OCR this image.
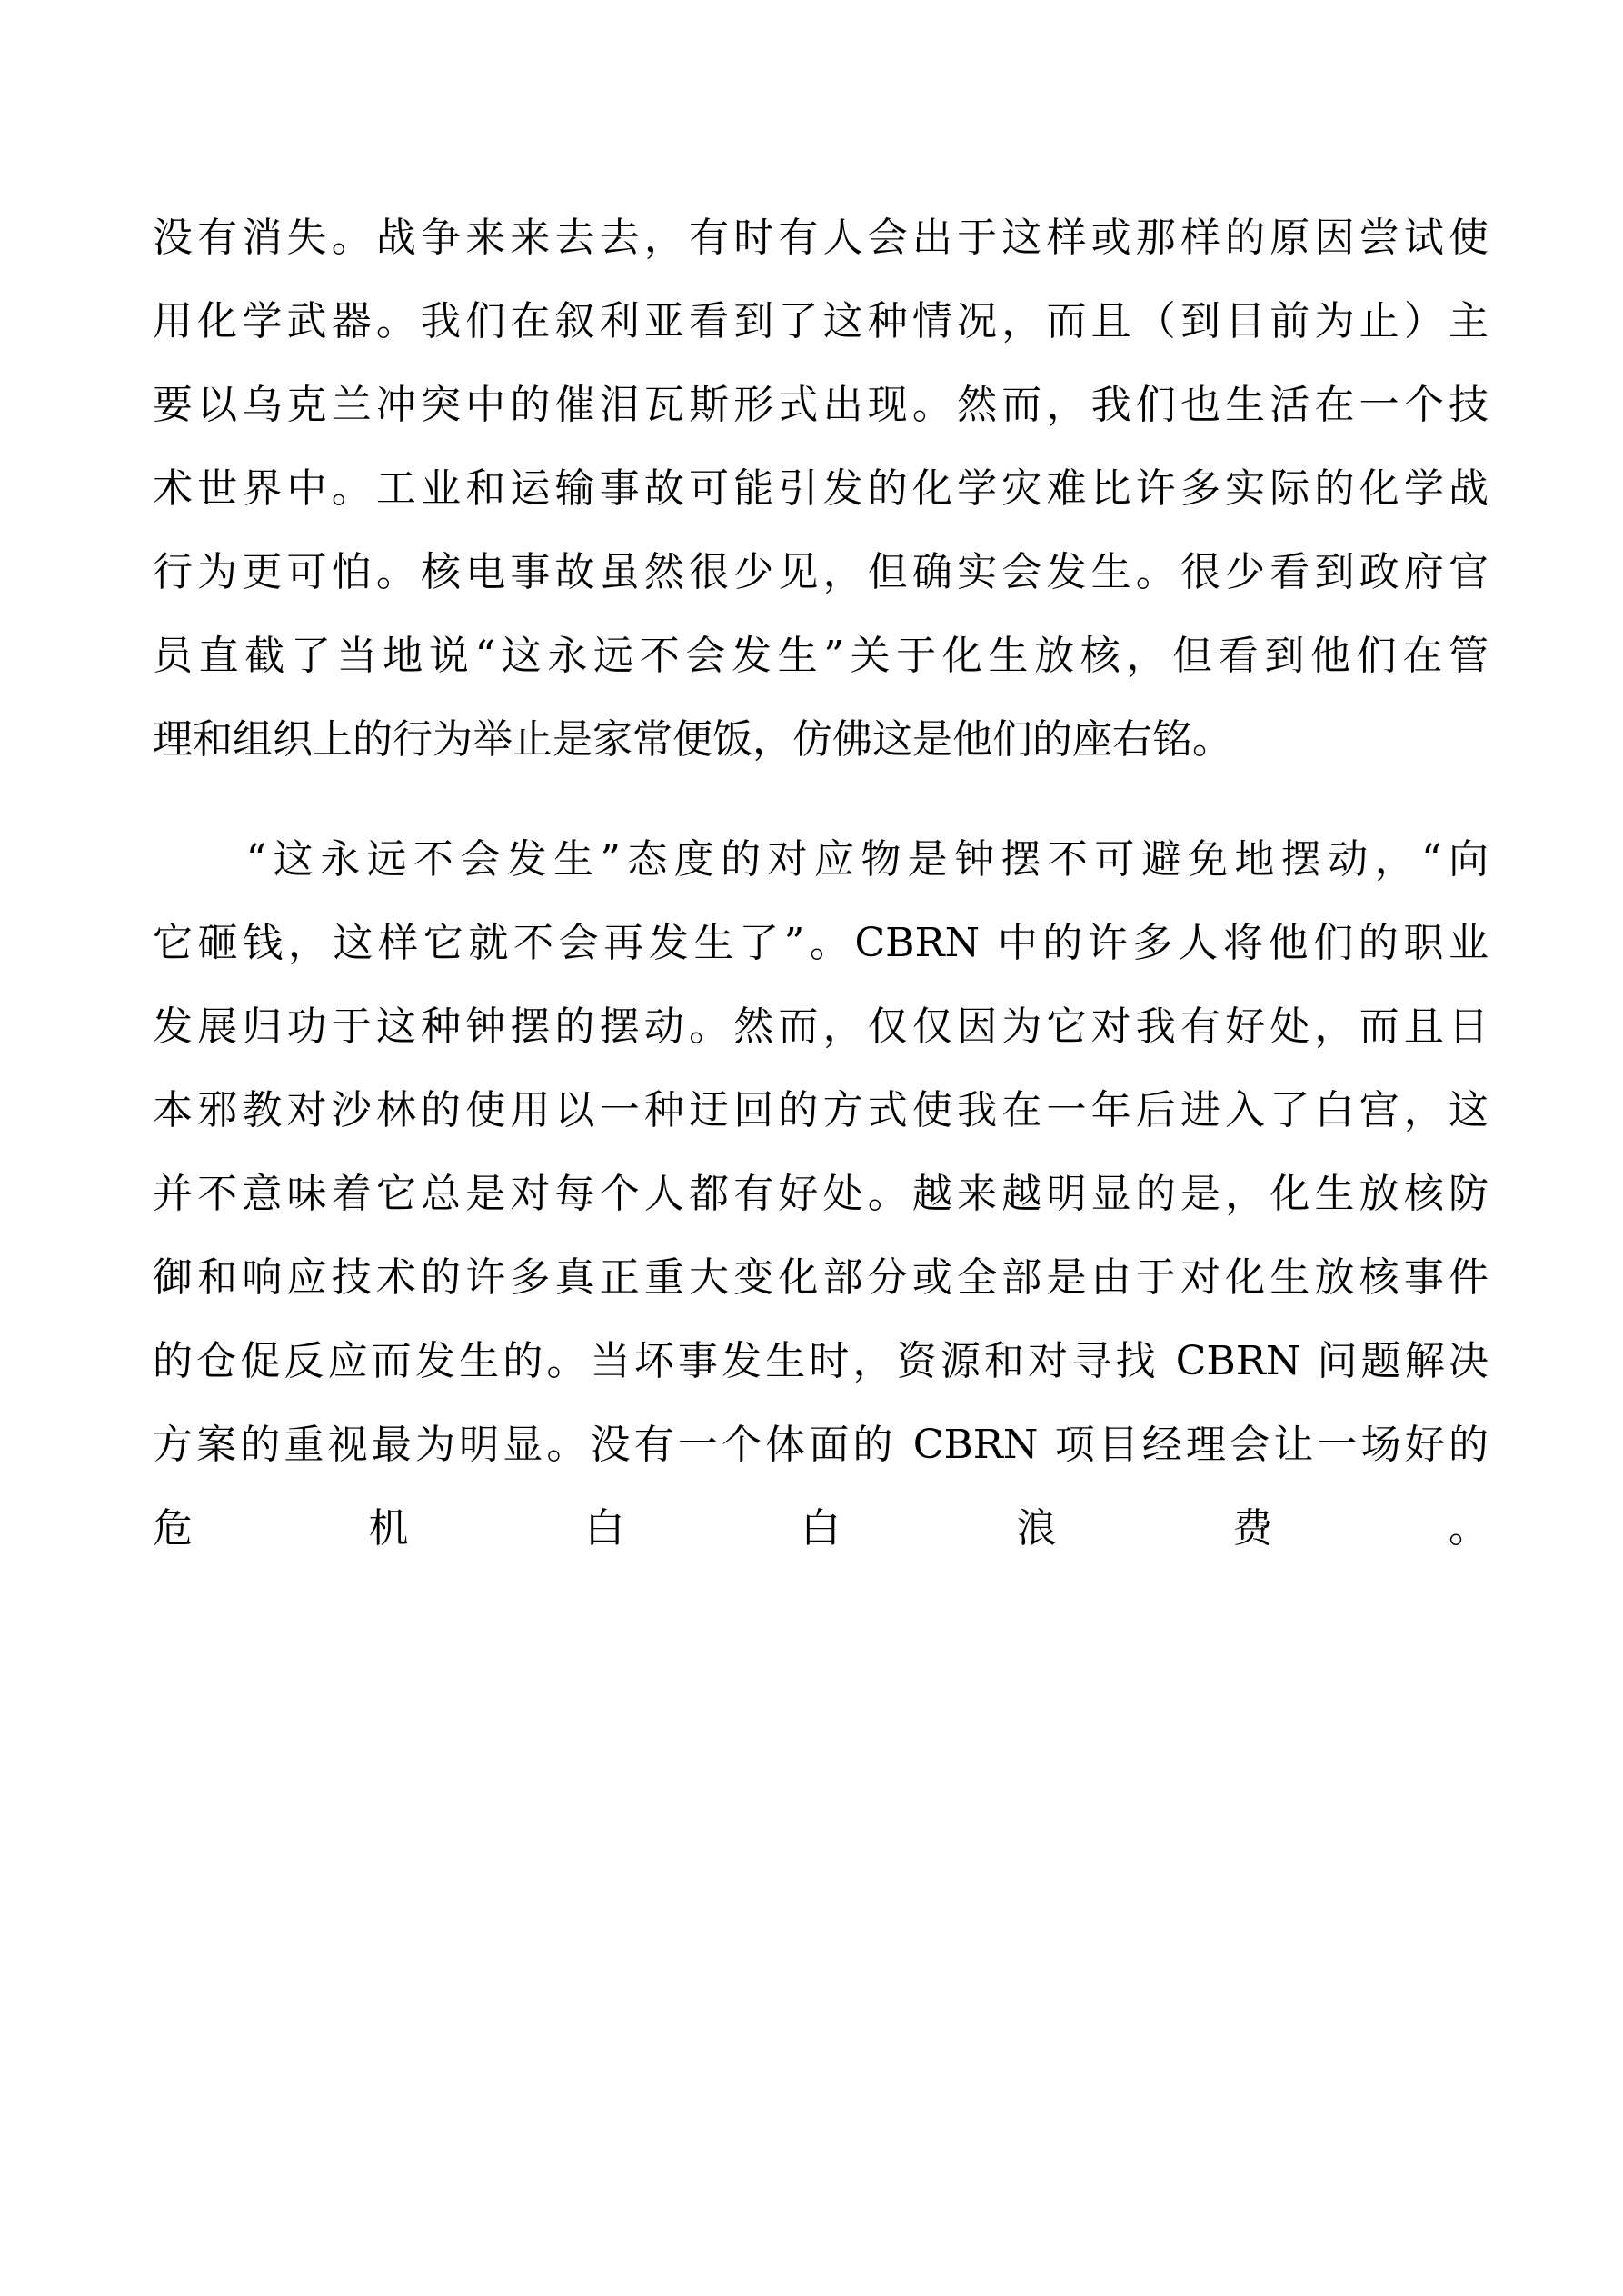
没有消失。战争来来去去，有时有人会出于这样或那样的原因尝试使
用化学武器。我们在叙利亚看到了这种情况，而且（到目前为止）主
要以乌克兰冲突中的催泪瓦斯形式出现。然而，我们也生活在一个技
术世界中。工业和运输事故可能引发的化学灾难比许多实际的化学战
行为更可怕。核电事故虽然很少见，但确实会发生。很少看到政府官
员直截了当地说“这永远不会发生”关于化生放核，但看到他们在管
理和组织上的行为举止是家常便饭，仿佛这是他们的座右铭。
　　“这永远不会发生”态度的对应物是钟摆不可避免地摆动，“向
它砸钱，这样它就不会再发生了”。CBRN 中的许多人将他们的职业
发展归功于这种钟摆的摆动。然而，仅仅因为它对我有好处，而且日
本邪教对沙林的使用以一种迂回的方式使我在一年后进入了白宫，这
并不意味着它总是对每个人都有好处。越来越明显的是，化生放核防
御和响应技术的许多真正重大变化部分或全部是由于对化生放核事件
的仓促反应而发生的。当坏事发生时，资源和对寻找 CBRN 问题解决
方案的重视最为明显。没有一个体面的 CBRN 项目经理会让一场好的
危机白白浪费。
